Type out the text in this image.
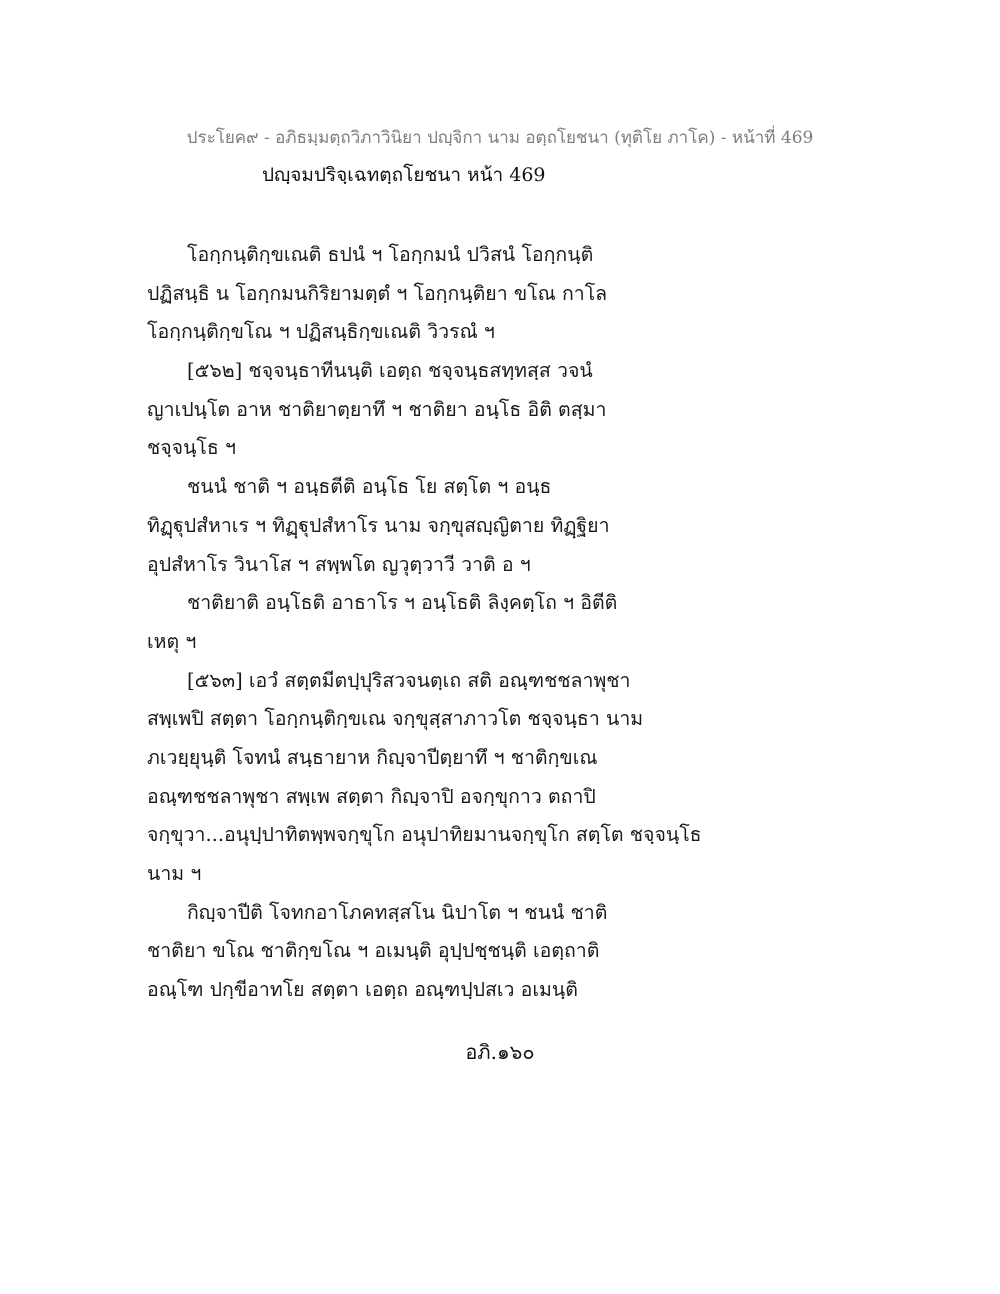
ประโยค๙ - อภิธมฺมตฺถวิภาวินิยา ปญฺจิกา นาม อตฺถโยชนา (ทุติโย ภาโค) - หน้าที่ 469
ปญฺจมปริจฺเฉทตฺถโยชนา หน้า 469
โอกฺกนฺติกฺขเณติ ธปนํ ฯ โอกฺกมนํ ปวิสนํ โอกฺกนฺติ
ปฏิสนฺธิ น โอกฺกมนกิริยามตฺตํ ฯ โอกฺกนฺติยา ขโณ กาโล
โอกฺกนฺติกฺขโณ ฯ ปฏิสนฺธิกฺขเณติ วิวรณํ ฯ
[๕๖๒] ชจฺจนฺธาทีนนฺติ เอตฺถ ชจฺจนฺธสทฺทสฺส วจนํ
ญาเปนฺโต อาห ชาติยาตฺยาทึ ฯ ชาติยา อนฺโธ อิติ ตสฺมา
ชจฺจนฺโธ ฯ
ชนนํ ชาติ ฯ อนฺธตีติ อนฺโธ โย สตฺโต ฯ อนฺธ
ทิฏฺฐุปสํหาเร ฯ ทิฏฺฐุปสํหาโร นาม จกฺขุสญฺญิตาย ทิฏฺฐิยา
อุปสํหาโร วินาโส ฯ สพฺพโต ญวุตฺวาวี วาติ อ ฯ
ชาติยาติ อนฺโธติ อาธาโร ฯ อนฺโธติ ลิงฺคตฺโถ ฯ อิตีติ
เหตุ ฯ
[๕๖๓] เอวํ สตฺตมีตปฺปุริสวจนตฺเถ สติ อณฺฑชชลาพุชา
สพฺเพปิ สตฺตา โอกฺกนฺติกฺขเณ จกฺขุสฺสาภาวโต ชจฺจนฺธา นาม
ภเวยฺยุนฺติ โจทนํ สนฺธายาห กิญฺจาปีตฺยาทึ ฯ ชาติกฺขเณ
อณฺฑชชลาพุชา สพฺเพ สตฺตา กิญฺจาปิ อจกฺขุกาว ตถาปิ
จกฺขุวา...อนุปฺปาทิตพฺพจกฺขุโก อนุปาทิยมานจกฺขุโก สตฺโต ชจฺจนฺโธ
นาม ฯ
กิญฺจาปีติ โจทกอาโภคทสฺสโน นิปาโต ฯ ชนนํ ชาติ
ชาติยา ขโณ ชาติกฺขโณ ฯ อเมนฺติ อุปฺปชฺชนฺติ เอตฺถาติ
อณฺโฑ ปกฺขีอาทโย สตฺตา เอตฺถ อณฺฑปฺปสเว อเมนฺติ
อภิ.๑๖๐
